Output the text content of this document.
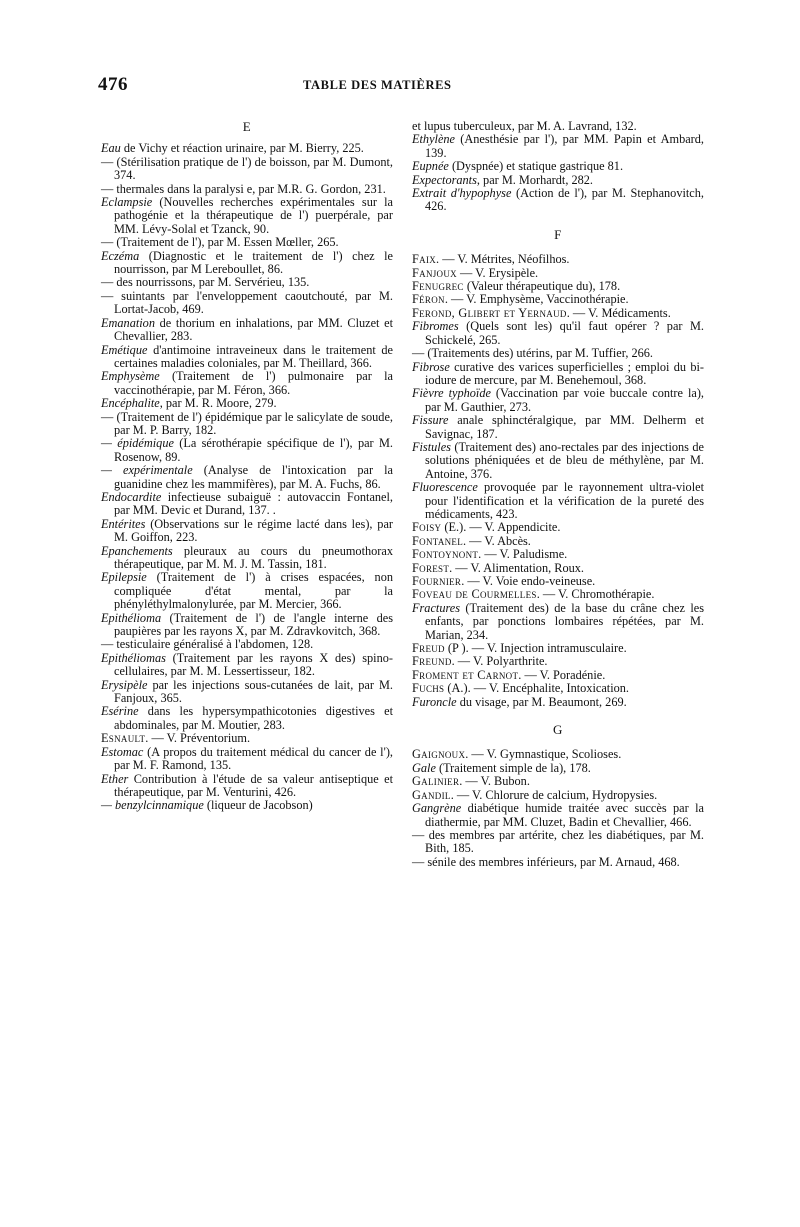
476	TABLE DES MATIÈRES
E

Eau de Vichy et réaction urinaire, par M. Bierry, 225.

— (Stérilisation pratique de l') de boisson, par M. Dumont, 374.

— thermales dans la paralysi e, par M.R. G. Gordon, 231.

Eclampsie (Nouvelles recherches expérimentales sur la pathogénie et la thérapeutique de l') puerpérale, par MM. Lévy-Solal et Tzanck, 90.

— (Traitement de l'), par M. Essen Mœller, 265.

Eczéma (Diagnostic et le traitement de l') chez le nourrisson, par M Lereboullet, 86.

— des nourrissons, par M. Servérieu, 135.

— suintants par l'enveloppement caoutchouté, par M. Lortat-Jacob, 469.

Emanation de thorium en inhalations, par MM. Cluzet et Chevallier, 283.

Emétique d'antimoine intraveineux dans le traitement de certaines maladies coloniales, par M. Theillard, 366.

Emphysème (Traitement de l') pulmonaire par la vaccinothérapie, par M. Féron, 366.

Encéphalite, par M. R. Moore, 279.

— (Traitement de l') épidémique par le salicylate de soude, par M. P. Barry, 182.

— épidémique (La sérothérapie spécifique de l'), par M. Rosenow, 89.

— expérimentale (Analyse de l'intoxication par la guanidine chez les mammifères), par M. A. Fuchs, 86.

Endocardite infectieuse subaiguë : autovaccin Fontanel, par MM. Devic et Durand, 137. .

Entérites (Observations sur le régime lacté dans les), par M. Goiffon, 223.

Epanchements pleuraux au cours du pneumothorax thérapeutique, par M. M. J. M. Tassin, 181.

Epilepsie (Traitement de l') à crises espacées, non compliquée d'état mental, par la phényléthylmalonylurée, par M. Mercier, 366.

Epithélioma (Traitement de l') de l'angle interne des paupières par les rayons X, par M. Zdravkovitch, 368.

— testiculaire généralisé à l'abdomen, 128.

Epithéliomas (Traitement par les rayons X des) spino-cellulaires, par M. M. Lessertisseur, 182.

Erysipèle par les injections sous-cutanées de lait, par M. Fanjoux, 365.

Esérine dans les hypersympathicotonies digestives et abdominales, par M. Moutier, 283.

Esnault. — V. Préventorium.

Estomac (A propos du traitement médical du cancer de l'), par M. F. Ramond, 135.

Ether Contribution à l'étude de sa valeur antiseptique et thérapeutique, par M. Venturini, 426.

— benzylcinnamique (liqueur de Jacobson)

et lupus tuberculeux, par M. A. Lavrand, 132.

Ethylène (Anesthésie par l'), par MM. Papin et Ambard, 139.

Eupnée (Dyspnée) et statique gastrique 81.

Expectorants, par M. Morhardt, 282.

Extrait d'hypophyse (Action de l'), par M. Stephanovitch, 426.

F

Faix. — V. Métrites, Néofilhos.

Fanjoux — V. Erysipèle.

Fenugrec (Valeur thérapeutique du), 178.

Féron. — V. Emphysème, Vaccinothérapie.

Ferond, Glibert et Yernaud. — V. Médicaments.

Fibromes (Quels sont les) qu'il faut opérer ? par M. Schickelé, 265.

— (Traitements des) utérins, par M. Tuffier, 266.

Fibrose curative des varices superficielles ; emploi du bi-iodure de mercure, par M. Benehemoul, 368.

Fièvre typhoïde (Vaccination par voie buccale contre la), par M. Gauthier, 273.

Fissure anale sphinctéralgique, par MM. Delherm et Savignac, 187.

Fistules (Traitement des) ano-rectales par des injections de solutions phéniquées et de bleu de méthylène, par M. Antoine, 376.

Fluorescence provoquée par le rayonnement ultra-violet pour l'identification et la vérification de la pureté des médicaments, 423.

Foisy (E.). — V. Appendicite.

Fontanel. — V. Abcès.

Fontoynont. — V. Paludisme.

Forest. — V. Alimentation, Roux.

Fournier. — V. Voie endo-veineuse.

Foveau de Courmelles. — V. Chromothérapie.

Fractures (Traitement des) de la base du crâne chez les enfants, par ponctions lombaires répétées, par M. Marian, 234.

Freud (P ). — V. Injection intramusculaire.

Freund. — V. Polyarthrite.

Froment et Carnot. — V. Poradénie.

Fuchs (A.). — V. Encéphalite, Intoxication.

Furoncle du visage, par M. Beaumont, 269.

G

Gaignoux. — V. Gymnastique, Scolioses.

Gale (Traitement simple de la), 178.

Galinier. — V. Bubon.

Gandil. — V. Chlorure de calcium, Hydropysies.

Gangrène diabétique humide traitée avec succès par la diathermie, par MM. Cluzet, Badin et Chevallier, 466.

— des membres par artérite, chez les diabétiques, par M. Bith, 185.

— sénile des membres inférieurs, par M. Arnaud, 468.
